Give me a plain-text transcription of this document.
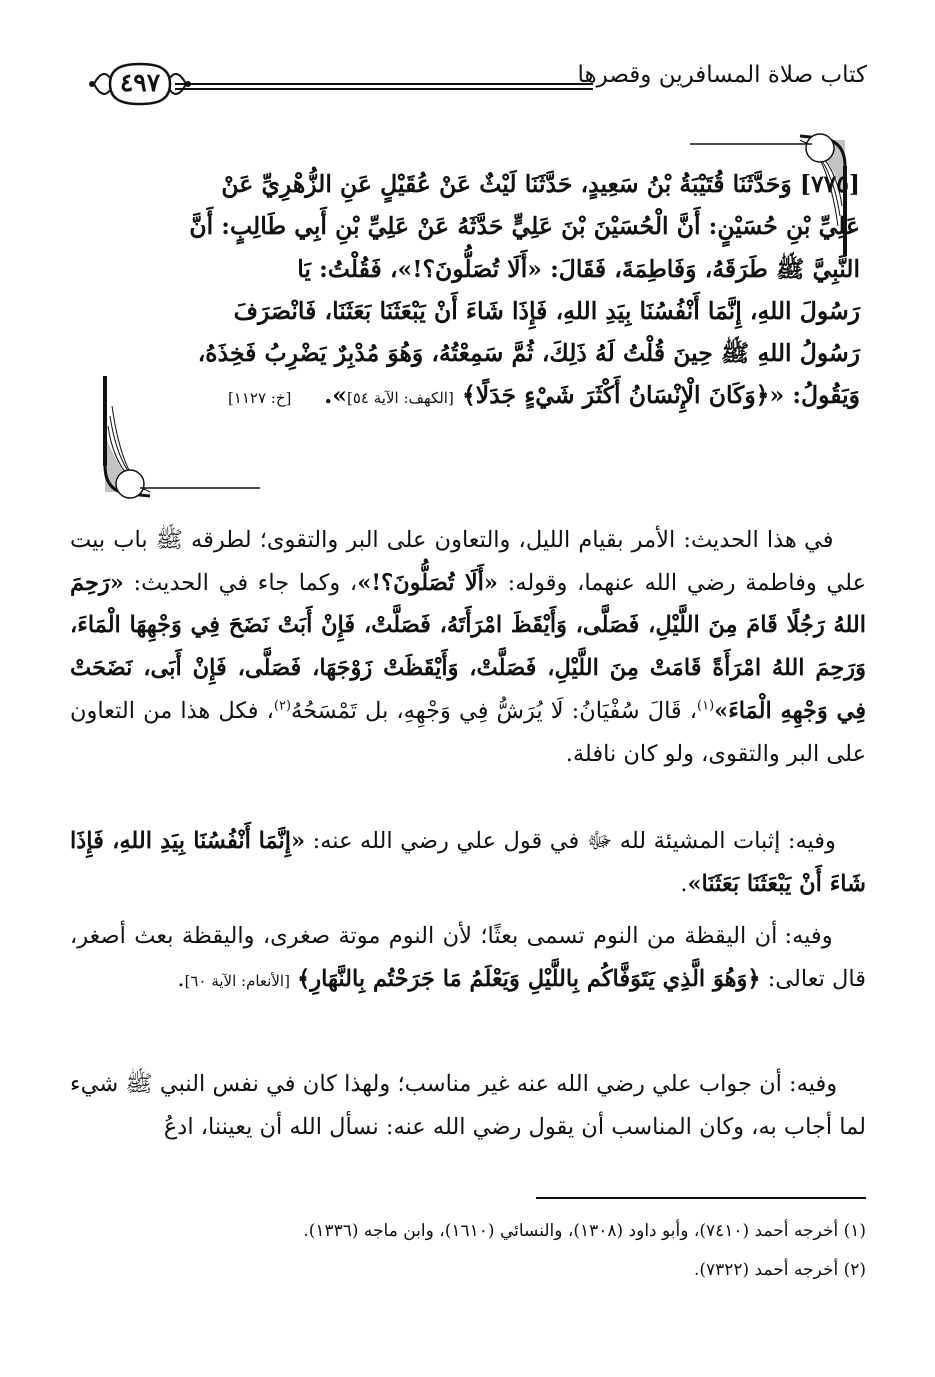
كتاب صلاة المسافرين وقصرها
٤٩٧
[٧٧٥] وَحَدَّثَنَا قُتَيْبَةُ بْنُ سَعِيدٍ، حَدَّثَنَا لَيْثٌ عَنْ عُقَيْلٍ عَنِ الزُّهْرِيِّ عَنْ
عَلِيِّ بْنِ حُسَيْنٍ: أَنَّ الْحُسَيْنَ بْنَ عَلِيٍّ حَدَّثَهُ عَنْ عَلِيِّ بْنِ أَبِي طَالِبٍ: أَنَّ
النَّبِيَّ ﷺ طَرَقَهُ، وَفَاطِمَةَ، فَقَالَ: «أَلَا تُصَلُّونَ؟!»، فَقُلْتُ: يَا
رَسُولَ اللهِ، إِنَّمَا أَنْفُسُنَا بِيَدِ اللهِ، فَإِذَا شَاءَ أَنْ يَبْعَثَنَا بَعَثَنَا، فَانْصَرَفَ
رَسُولُ اللهِ ﷺ حِينَ قُلْتُ لَهُ ذَلِكَ، ثُمَّ سَمِعْتُهُ، وَهُوَ مُدْبِرٌ يَضْرِبُ فَخِذَهُ،
وَيَقُولُ: «﴿وَكَانَ الْإِنْسَانُ أَكْثَرَ شَيْءٍ جَدَلًا﴾ [الكهف: الآية ٥٤]».    [خ: ١١٢٧]
في هذا الحديث: الأمر بقيام الليل، والتعاون على البر والتقوى؛ لطرقه ﷺ باب بيت علي وفاطمة رضي الله عنهما، وقوله: «أَلَا تُصَلُّونَ؟!»، وكما جاء في الحديث: «رَحِمَ اللهُ رَجُلًا قَامَ مِنَ اللَّيْلِ، فَصَلَّى، وَأَيْقَظَ امْرَأَتَهُ، فَصَلَّتْ، فَإِنْ أَبَتْ نَضَحَ فِي وَجْهِهَا الْمَاءَ، وَرَحِمَ اللهُ امْرَأَةً قَامَتْ مِنَ اللَّيْلِ، فَصَلَّتْ، وَأَيْقَظَتْ زَوْجَهَا، فَصَلَّى، فَإِنْ أَبَى، نَضَحَتْ فِي وَجْهِهِ الْمَاءَ»$^{(١)}$، قَالَ سُفْيَانُ: لَا يُرَشُّ فِي وَجْهِهِ، بل تَمْسَحُهُ$^{(٢)}$، فكل هذا من التعاون على البر والتقوى، ولو كان نافلة.
وفيه: إثبات المشيئة لله ﷻ في قول علي رضي الله عنه: «إِنَّمَا أَنْفُسُنَا بِيَدِ اللهِ، فَإِذَا شَاءَ أَنْ يَبْعَثَنَا بَعَثَنَا».
وفيه: أن اليقظة من النوم تسمى بعثًا؛ لأن النوم موتة صغرى، واليقظة بعث أصغر، قال تعالى: ﴿وَهُوَ الَّذِي يَتَوَفَّاكُم بِاللَّيْلِ وَيَعْلَمُ مَا جَرَحْتُم بِالنَّهَارِ﴾ [الأنعام: الآية ٦٠].
وفيه: أن جواب علي رضي الله عنه غير مناسب؛ ولهذا كان في نفس النبي ﷺ شيء لما أجاب به، وكان المناسب أن يقول رضي الله عنه: نسأل الله أن يعيننا، ادعُ
(١) أخرجه أحمد (٧٤١٠)، وأبو داود (١٣٠٨)، والنسائي (١٦١٠)، وابن ماجه (١٣٣٦).
(٢) أخرجه أحمد (٧٣٢٢).
